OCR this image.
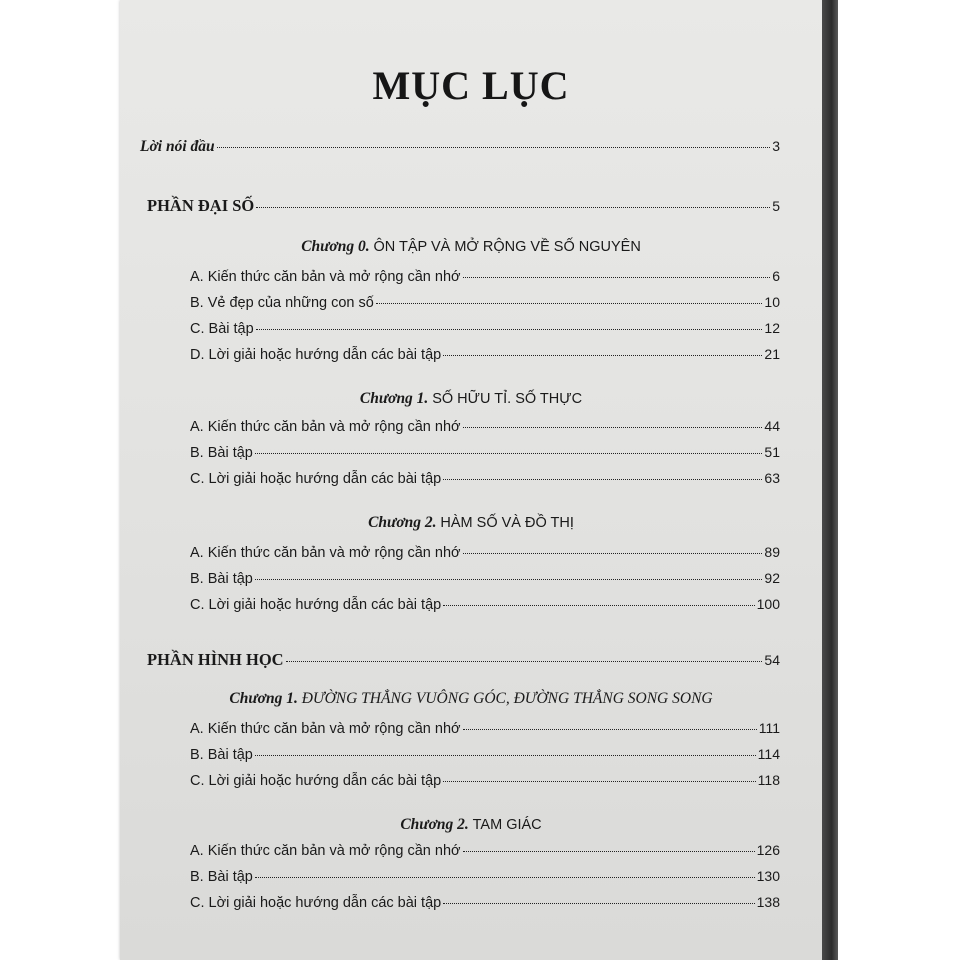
MỤC LỤC
Lời nói đầu	3
PHẦN ĐẠI SỐ	5
Chương 0. ÔN TẬP VÀ MỞ RỘNG VỀ SỐ NGUYÊN
A. Kiến thức căn bản và mở rộng cần nhớ	6
B. Vẻ đẹp của những con số	10
C. Bài tập	12
D. Lời giải hoặc hướng dẫn các bài tập	21
Chương 1. SỐ HỮU TỈ. SỐ THỰC
A. Kiến thức căn bản và mở rộng cần nhớ	44
B. Bài tập	51
C. Lời giải hoặc hướng dẫn các bài tập	63
Chương 2. HÀM SỐ VÀ ĐỒ THỊ
A. Kiến thức căn bản và mở rộng cần nhớ	89
B. Bài tập	92
C. Lời giải hoặc hướng dẫn các bài tập	100
PHẦN HÌNH HỌC	54
Chương 1. ĐƯỜNG THẲNG VUÔNG GÓC, ĐƯỜNG THẲNG SONG SONG
A. Kiến thức căn bản và mở rộng cần nhớ	111
B. Bài tập	114
C. Lời giải hoặc hướng dẫn các bài tập	118
Chương 2. TAM GIÁC
A. Kiến thức căn bản và mở rộng cần nhớ	126
B. Bài tập	130
C. Lời giải hoặc hướng dẫn các bài tập	138
